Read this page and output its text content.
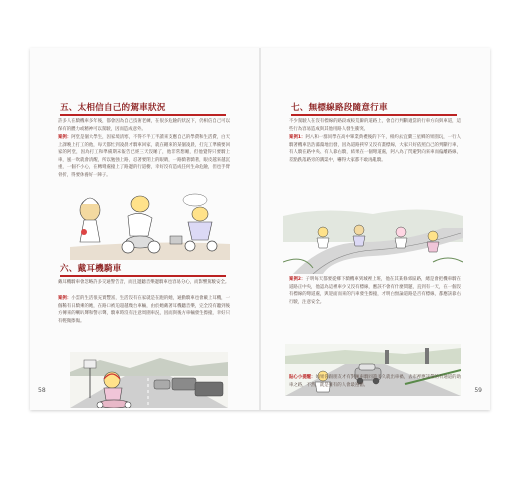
五、太相信自己的駕車狀況
許多人在騎機車多年後，都會因為自己技術老練，在很多危險的狀況下，仍相信自己可以保有的體力或精神可以駕駛，因而造成意外。
案例：阿堂是個大學生，因家境清寒，不得不半工半讀來支應自己的學費和生活費，白天上課晚上打工的他，每天都忙到凌晨才騎車回家，就在剛來的某個凌晨，打完工準備要回家的阿堂，因為打工和準備期末報告已經三天沒睡了，他非常想睡，但他覺得只要騎上車，風一吹就會清醒，所以勉強上路，忍著要閉上的眼睛，一路騎著騎著，眼皮越來越沉重，一個不小心，在轉彎處撞上了路邊的行道樹，幸好沒有造成任何生命危險，但也手臂骨折，得要休養好一陣子。
六、戴耳機騎車
戴耳機騎車會忽略許多交通警告音，而且邊聽音樂邊騎車也容易分心，而影響駕駛安全。
案例：小雲的生活很充實豐富，生活沒有在家就是在跑的她，通勤騎車也會戴上耳機，一個稀有日騎乘的她，在路口被迫超越幾台車輛，由於她戴著耳機聽音樂，完全沒有聽到後方傳來的喇叭聲和警示聲，騎車時沒有注意周圍車況，因而與後方車輛發生擦撞，幸好只有輕微擦傷。
58
七、無標線路段隨意行車
不少駕駛人在沒有標線的路段或較荒僻的道路上，會自行判斷適當的行車方向與車道，這些行為容易造成與其他用路人發生衝突。
案例1：阿八和一群同學在高中畢業典禮後的下午，相約去宜蘭三星鄉的果園玩，一行人騎著機車浩浩蕩蕩地出發，因為道路狹窄又沒有畫標線，大家只好依照自己的判斷行車，有人騎在路中央、有人靠右騎，結果在一個彎道處，阿八為了閃避對向來車而偏離路線，差點跌落路旁的溝渠中，嚇得大家都不敢再亂騎。
案例2：子明每天都要從鄉下騎機車到城裡上班，他在其某條郊區路，總是會把機車騎在道路正中央，他認為這裡車少又沒有標線，應該不會有什麼問題，直到有一天，在一個沒有標線的彎道處，與迎面而來的汽車發生擦撞，才明白無論道路是否有標線，都應該靠右行駛，注意安全。
貼心小提醒：如果你跟朋友才有對擁車騎同遊多久就出車禍，去市裡應該帶的有通道的助車之路，不然，就是擁有的人會最遵循。
59
